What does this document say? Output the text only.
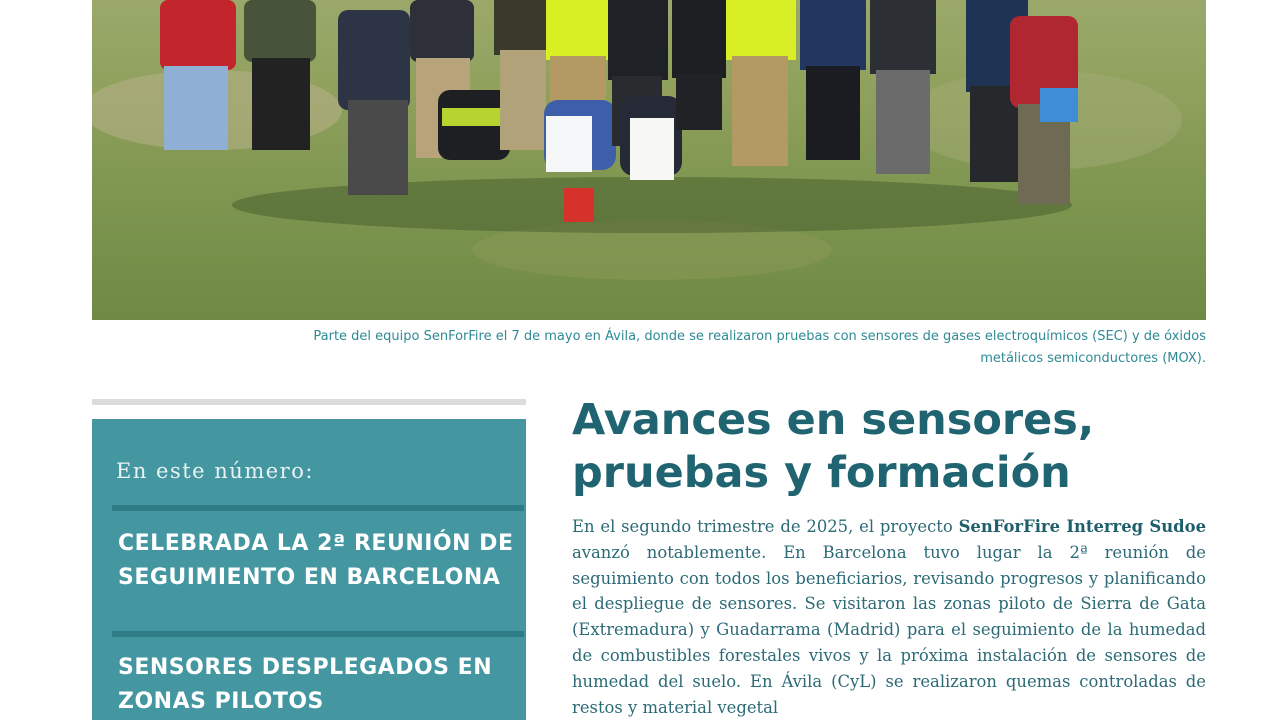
Parte del equipo SenForFire el 7 de mayo en Ávila, donde se realizaron pruebas con sensores de gases electroquímicos (SEC) y de óxidos metálicos semiconductores (MOX).
En este número:
CELEBRADA LA 2ª REUNIÓN DE SEGUIMIENTO EN BARCELONA
SENSORES DESPLEGADOS EN ZONAS PILOTOS
Avances en sensores, pruebas y formación
En el segundo trimestre de 2025, el proyecto SenForFire Interreg Sudoe avanzó notablemente. En Barcelona tuvo lugar la 2ª reunión de seguimiento con todos los beneficiarios, revisando progresos y planificando el despliegue de sensores. Se visitaron las zonas piloto de Sierra de Gata (Extremadura) y Guadarrama (Madrid) para el seguimiento de la humedad de combustibles forestales vivos y la próxima instalación de sensores de humedad del suelo. En Ávila (CyL) se realizaron quemas controladas de restos y material vegetal
